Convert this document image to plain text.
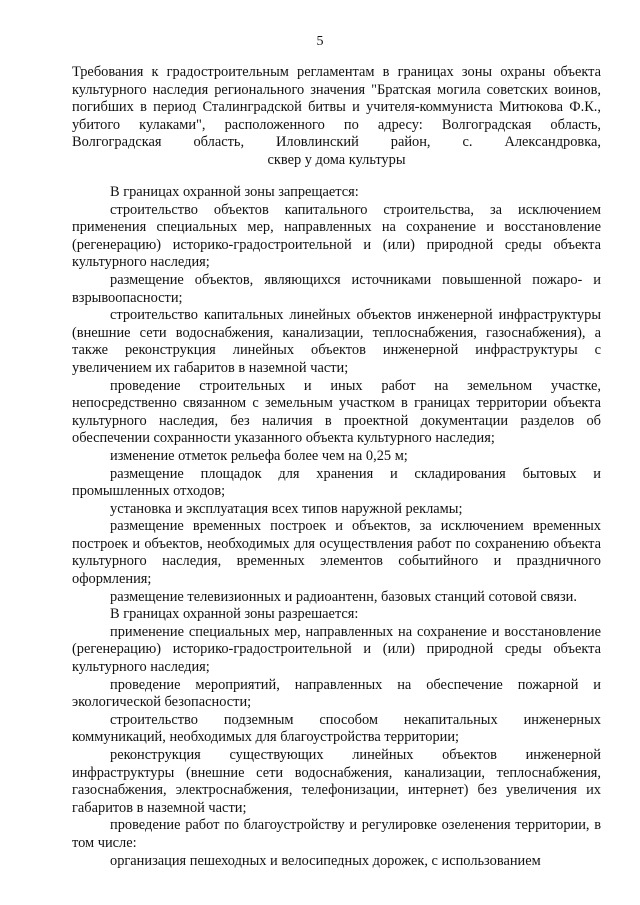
5
Требования к градостроительным регламентам в границах зоны охраны объекта
культурного наследия регионального значения "Братская могила советских воинов,
погибших в период Сталинградской битвы и учителя-коммуниста Митюкова Ф.К.,
убитого кулаками", расположенного по адресу: Волгоградская область,
Волгоградская область, Иловлинский район, с. Александровка,
сквер у дома культуры

В границах охранной зоны запрещается:

строительство объектов капитального строительства, за исключением применения специальных мер, направленных на сохранение и восстановление (регенерацию) историко-градостроительной и (или) природной среды объекта культурного наследия;

размещение объектов, являющихся источниками повышенной пожаро- и взрывоопасности;

строительство капитальных линейных объектов инженерной инфраструктуры (внешние сети водоснабжения, канализации, теплоснабжения, газоснабжения), а также реконструкция линейных объектов инженерной инфраструктуры с увеличением их габаритов в наземной части;

проведение строительных и иных работ на земельном участке, непосредственно связанном с земельным участком в границах территории объекта культурного наследия, без наличия в проектной документации разделов об обеспечении сохранности указанного объекта культурного наследия;

изменение отметок рельефа более чем на 0,25 м;

размещение площадок для хранения и складирования бытовых и промышленных отходов;

установка и эксплуатация всех типов наружной рекламы;

размещение временных построек и объектов, за исключением временных построек и объектов, необходимых для осуществления работ по сохранению объекта культурного наследия, временных элементов событийного и праздничного оформления;

размещение телевизионных и радиоантенн, базовых станций сотовой связи.

В границах охранной зоны разрешается:

применение специальных мер, направленных на сохранение и восстановление (регенерацию) историко-градостроительной и (или) природной среды объекта культурного наследия;

проведение мероприятий, направленных на обеспечение пожарной и экологической безопасности;

строительство подземным способом некапитальных инженерных коммуникаций, необходимых для благоустройства территории;

реконструкция существующих линейных объектов инженерной инфраструктуры (внешние сети водоснабжения, канализации, теплоснабжения, газоснабжения, электроснабжения, телефонизации, интернет) без увеличения их габаритов в наземной части;

проведение работ по благоустройству и регулировке озеленения территории, в том числе:

организация пешеходных и велосипедных дорожек, с использованием
